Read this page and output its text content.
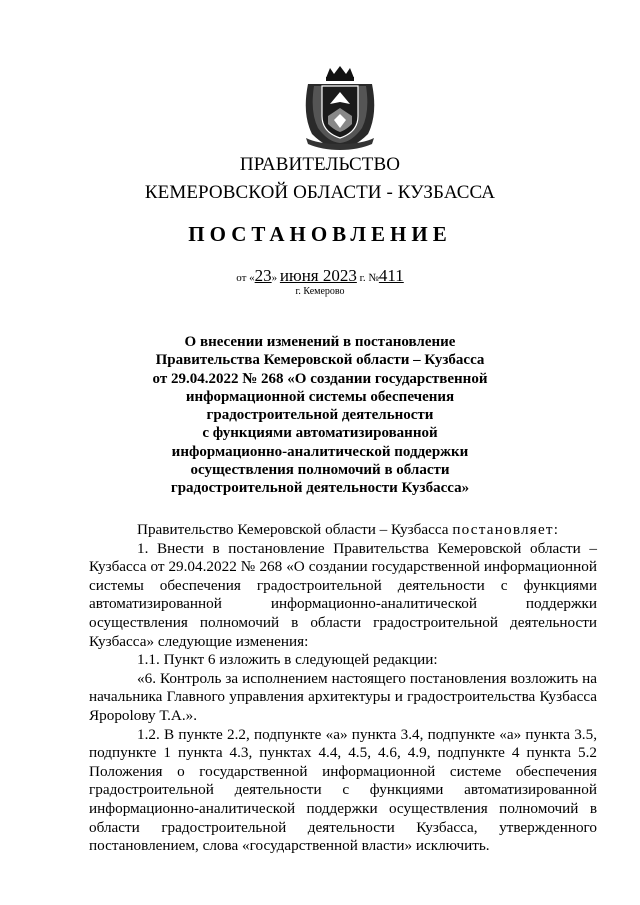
ПРАВИТЕЛЬСТВО
КЕМЕРОВСКОЙ ОБЛАСТИ - КУЗБАССА
ПОСТАНОВЛЕНИЕ
от «23» июня 2023 г. №411
г. Кемерово
О внесении изменений в постановление
Правительства Кемеровской области – Кузбасса
от 29.04.2022 № 268 «О создании государственной
информационной системы обеспечения
градостроительной деятельности
с функциями автоматизированной
информационно-аналитической поддержки
осуществления полномочий в области
градостроительной деятельности Кузбасса»

Правительство Кемеровской области – Кузбасса постановляет:

1. Внести в постановление Правительства Кемеровской области – Кузбасса от 29.04.2022 № 268 «О создании государственной информационной системы обеспечения градостроительной деятельности с функциями автоматизированной информационно-аналитической поддержки осуществления полномочий в области градостроительной деятельности Кузбасса» следующие изменения:

1.1. Пункт 6 изложить в следующей редакции:

«6. Контроль за исполнением настоящего постановления возложить на начальника Главного управления архитектуры и градостроительства Кузбасса Яроpolову Т.А.».

1.2. В пункте 2.2, подпункте «а» пункта 3.4, подпункте «а» пункта 3.5, подпункте 1 пункта 4.3, пунктах 4.4, 4.5, 4.6, 4.9, подпункте 4 пункта 5.2 Положения о государственной информационной системе обеспечения градостроительной деятельности с функциями автоматизированной информационно-аналитической поддержки осуществления полномочий в области градостроительной деятельности Кузбасса, утвержденного постановлением, слова «государственной власти» исключить.
